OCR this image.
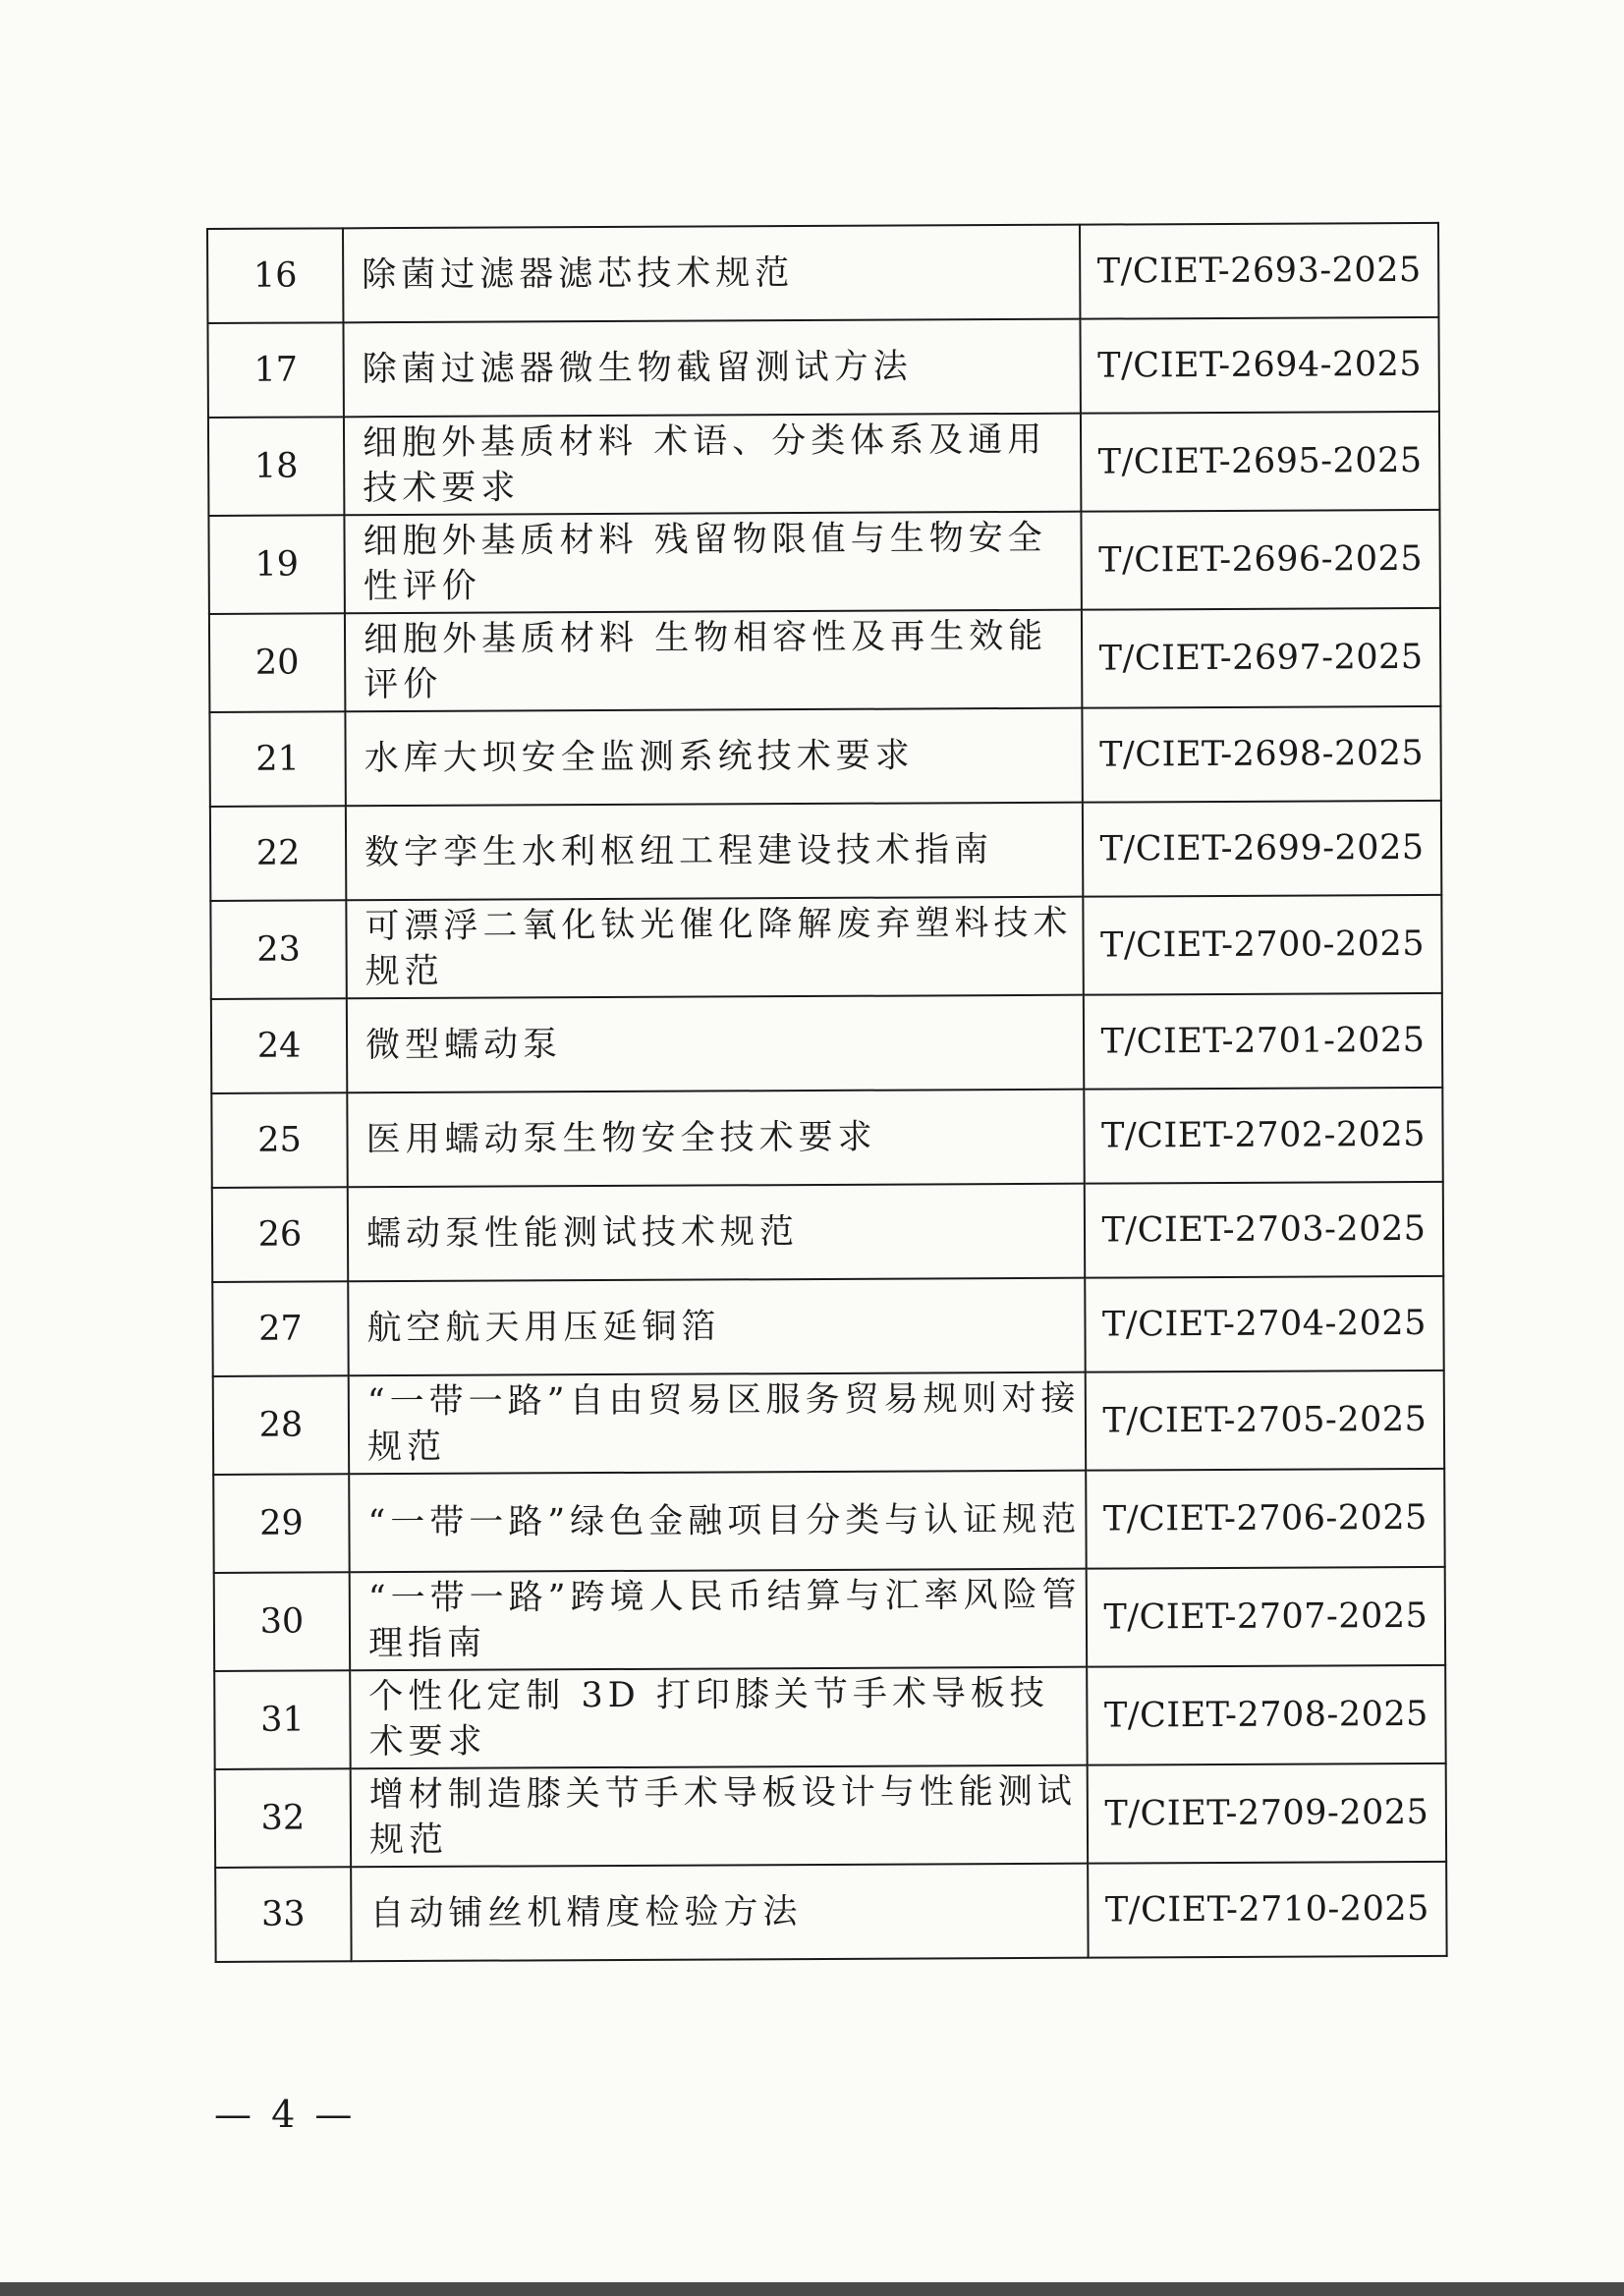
16	除菌过滤器滤芯技术规范	T/CIET-2693-2025
17	除菌过滤器微生物截留测试方法	T/CIET-2694-2025
18	细胞外基质材料 术语、分类体系及通用技术要求	T/CIET-2695-2025
19	细胞外基质材料 残留物限值与生物安全性评价	T/CIET-2696-2025
20	细胞外基质材料 生物相容性及再生效能评价	T/CIET-2697-2025
21	水库大坝安全监测系统技术要求	T/CIET-2698-2025
22	数字孪生水利枢纽工程建设技术指南	T/CIET-2699-2025
23	可漂浮二氧化钛光催化降解废弃塑料技术规范	T/CIET-2700-2025
24	微型蠕动泵	T/CIET-2701-2025
25	医用蠕动泵生物安全技术要求	T/CIET-2702-2025
26	蠕动泵性能测试技术规范	T/CIET-2703-2025
27	航空航天用压延铜箔	T/CIET-2704-2025
28	“一带一路”自由贸易区服务贸易规则对接规范	T/CIET-2705-2025
29	“一带一路”绿色金融项目分类与认证规范	T/CIET-2706-2025
30	“一带一路”跨境人民币结算与汇率风险管理指南	T/CIET-2707-2025
31	个性化定制 3D 打印膝关节手术导板技术要求	T/CIET-2708-2025
32	增材制造膝关节手术导板设计与性能测试规范	T/CIET-2709-2025
33	自动铺丝机精度检验方法	T/CIET-2710-2025
— 4 —
